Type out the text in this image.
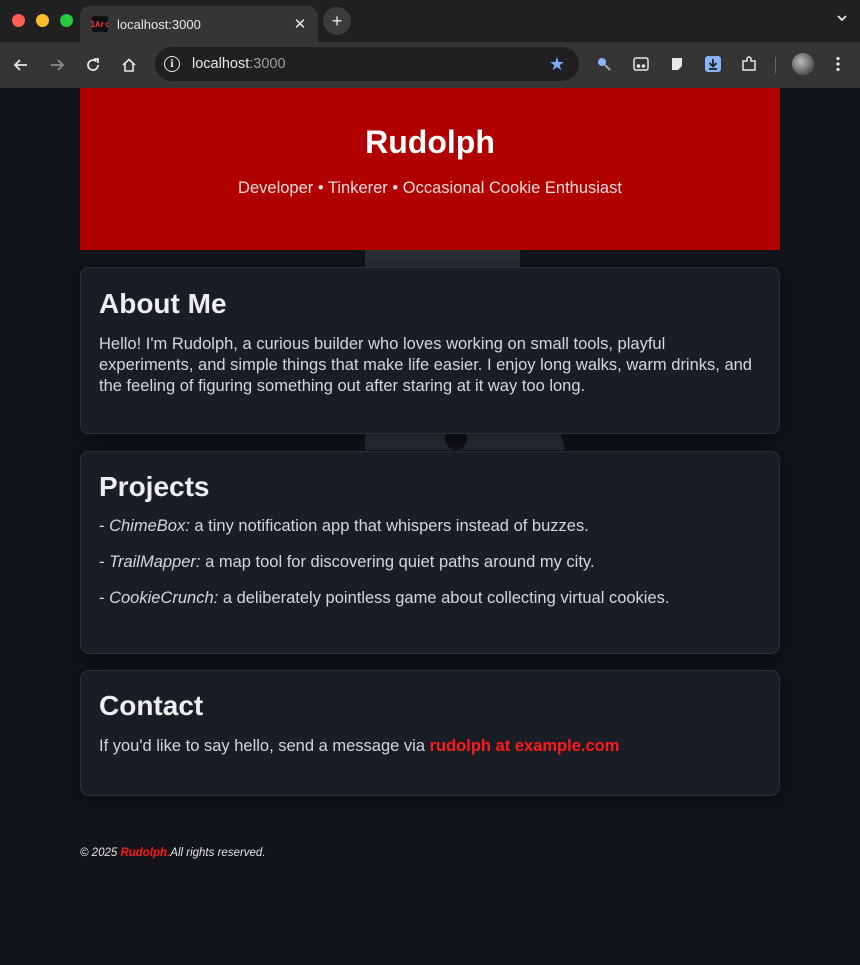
1Arc localhost:3000	✕	+
i	localhost:3000	★
Rudolph

Developer • Tinkerer • Occasional Cookie Enthusiast

About Me

Hello! I'm Rudolph, a curious builder who loves working on small tools, playful experiments, and simple things that make life easier. I enjoy long walks, warm drinks, and the feeling of figuring something out after staring at it way too long.

Projects
- ChimeBox: a tiny notification app that whispers instead of buzzes.
- TrailMapper: a map tool for discovering quiet paths around my city.
- CookieCrunch: a deliberately pointless game about collecting virtual cookies.
Contact

If you'd like to say hello, send a message via rudolph at example.com

© 2025 Rudolph.All rights reserved.
